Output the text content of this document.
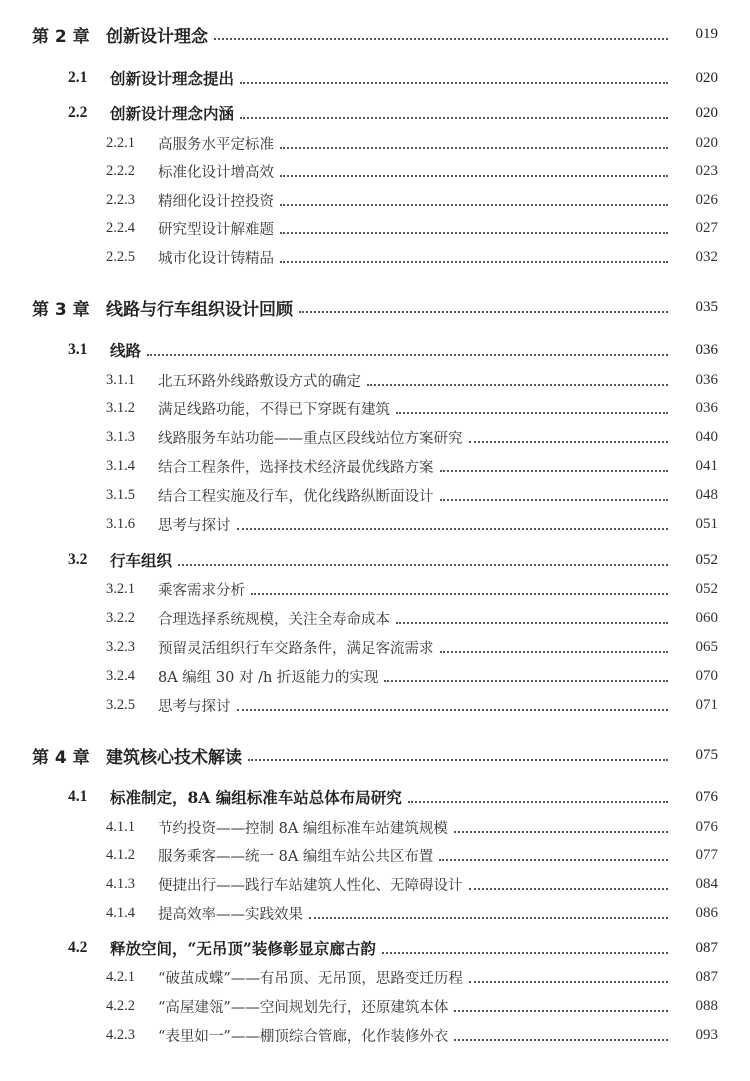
第 2 章 创新设计理念	019
2.1	创新设计理念提出	020
2.2	创新设计理念内涵	020
2.2.1	高服务水平定标准	020
2.2.2	标准化设计增高效	023
2.2.3	精细化设计控投资	026
2.2.4	研究型设计解难题	027
2.2.5	城市化设计铸精品	032
第 3 章 线路与行车组织设计回顾	035
3.1	线路	036
3.1.1	北五环路外线路敷设方式的确定	036
3.1.2	满足线路功能，不得已下穿既有建筑	036
3.1.3	线路服务车站功能——重点区段线站位方案研究	040
3.1.4	结合工程条件，选择技术经济最优线路方案	041
3.1.5	结合工程实施及行车，优化线路纵断面设计	048
3.1.6	思考与探讨	051
3.2	行车组织	052
3.2.1	乘客需求分析	052
3.2.2	合理选择系统规模，关注全寿命成本	060
3.2.3	预留灵活组织行车交路条件，满足客流需求	065
3.2.4	8A 编组 30 对 /h 折返能力的实现	070
3.2.5	思考与探讨	071
第 4 章 建筑核心技术解读	075
4.1	标准制定，8A 编组标准车站总体布局研究	076
4.1.1	节约投资——控制 8A 编组标准车站建筑规模	076
4.1.2	服务乘客——统一 8A 编组车站公共区布置	077
4.1.3	便捷出行——践行车站建筑人性化、无障碍设计	084
4.1.4	提高效率——实践效果	086
4.2	释放空间，“无吊顶”装修彰显京廊古韵	087
4.2.1	“破茧成蝶”——有吊顶、无吊顶，思路变迁历程	087
4.2.2	“高屋建瓴”——空间规划先行，还原建筑本体	088
4.2.3	“表里如一”——棚顶综合管廊，化作装修外衣	093
